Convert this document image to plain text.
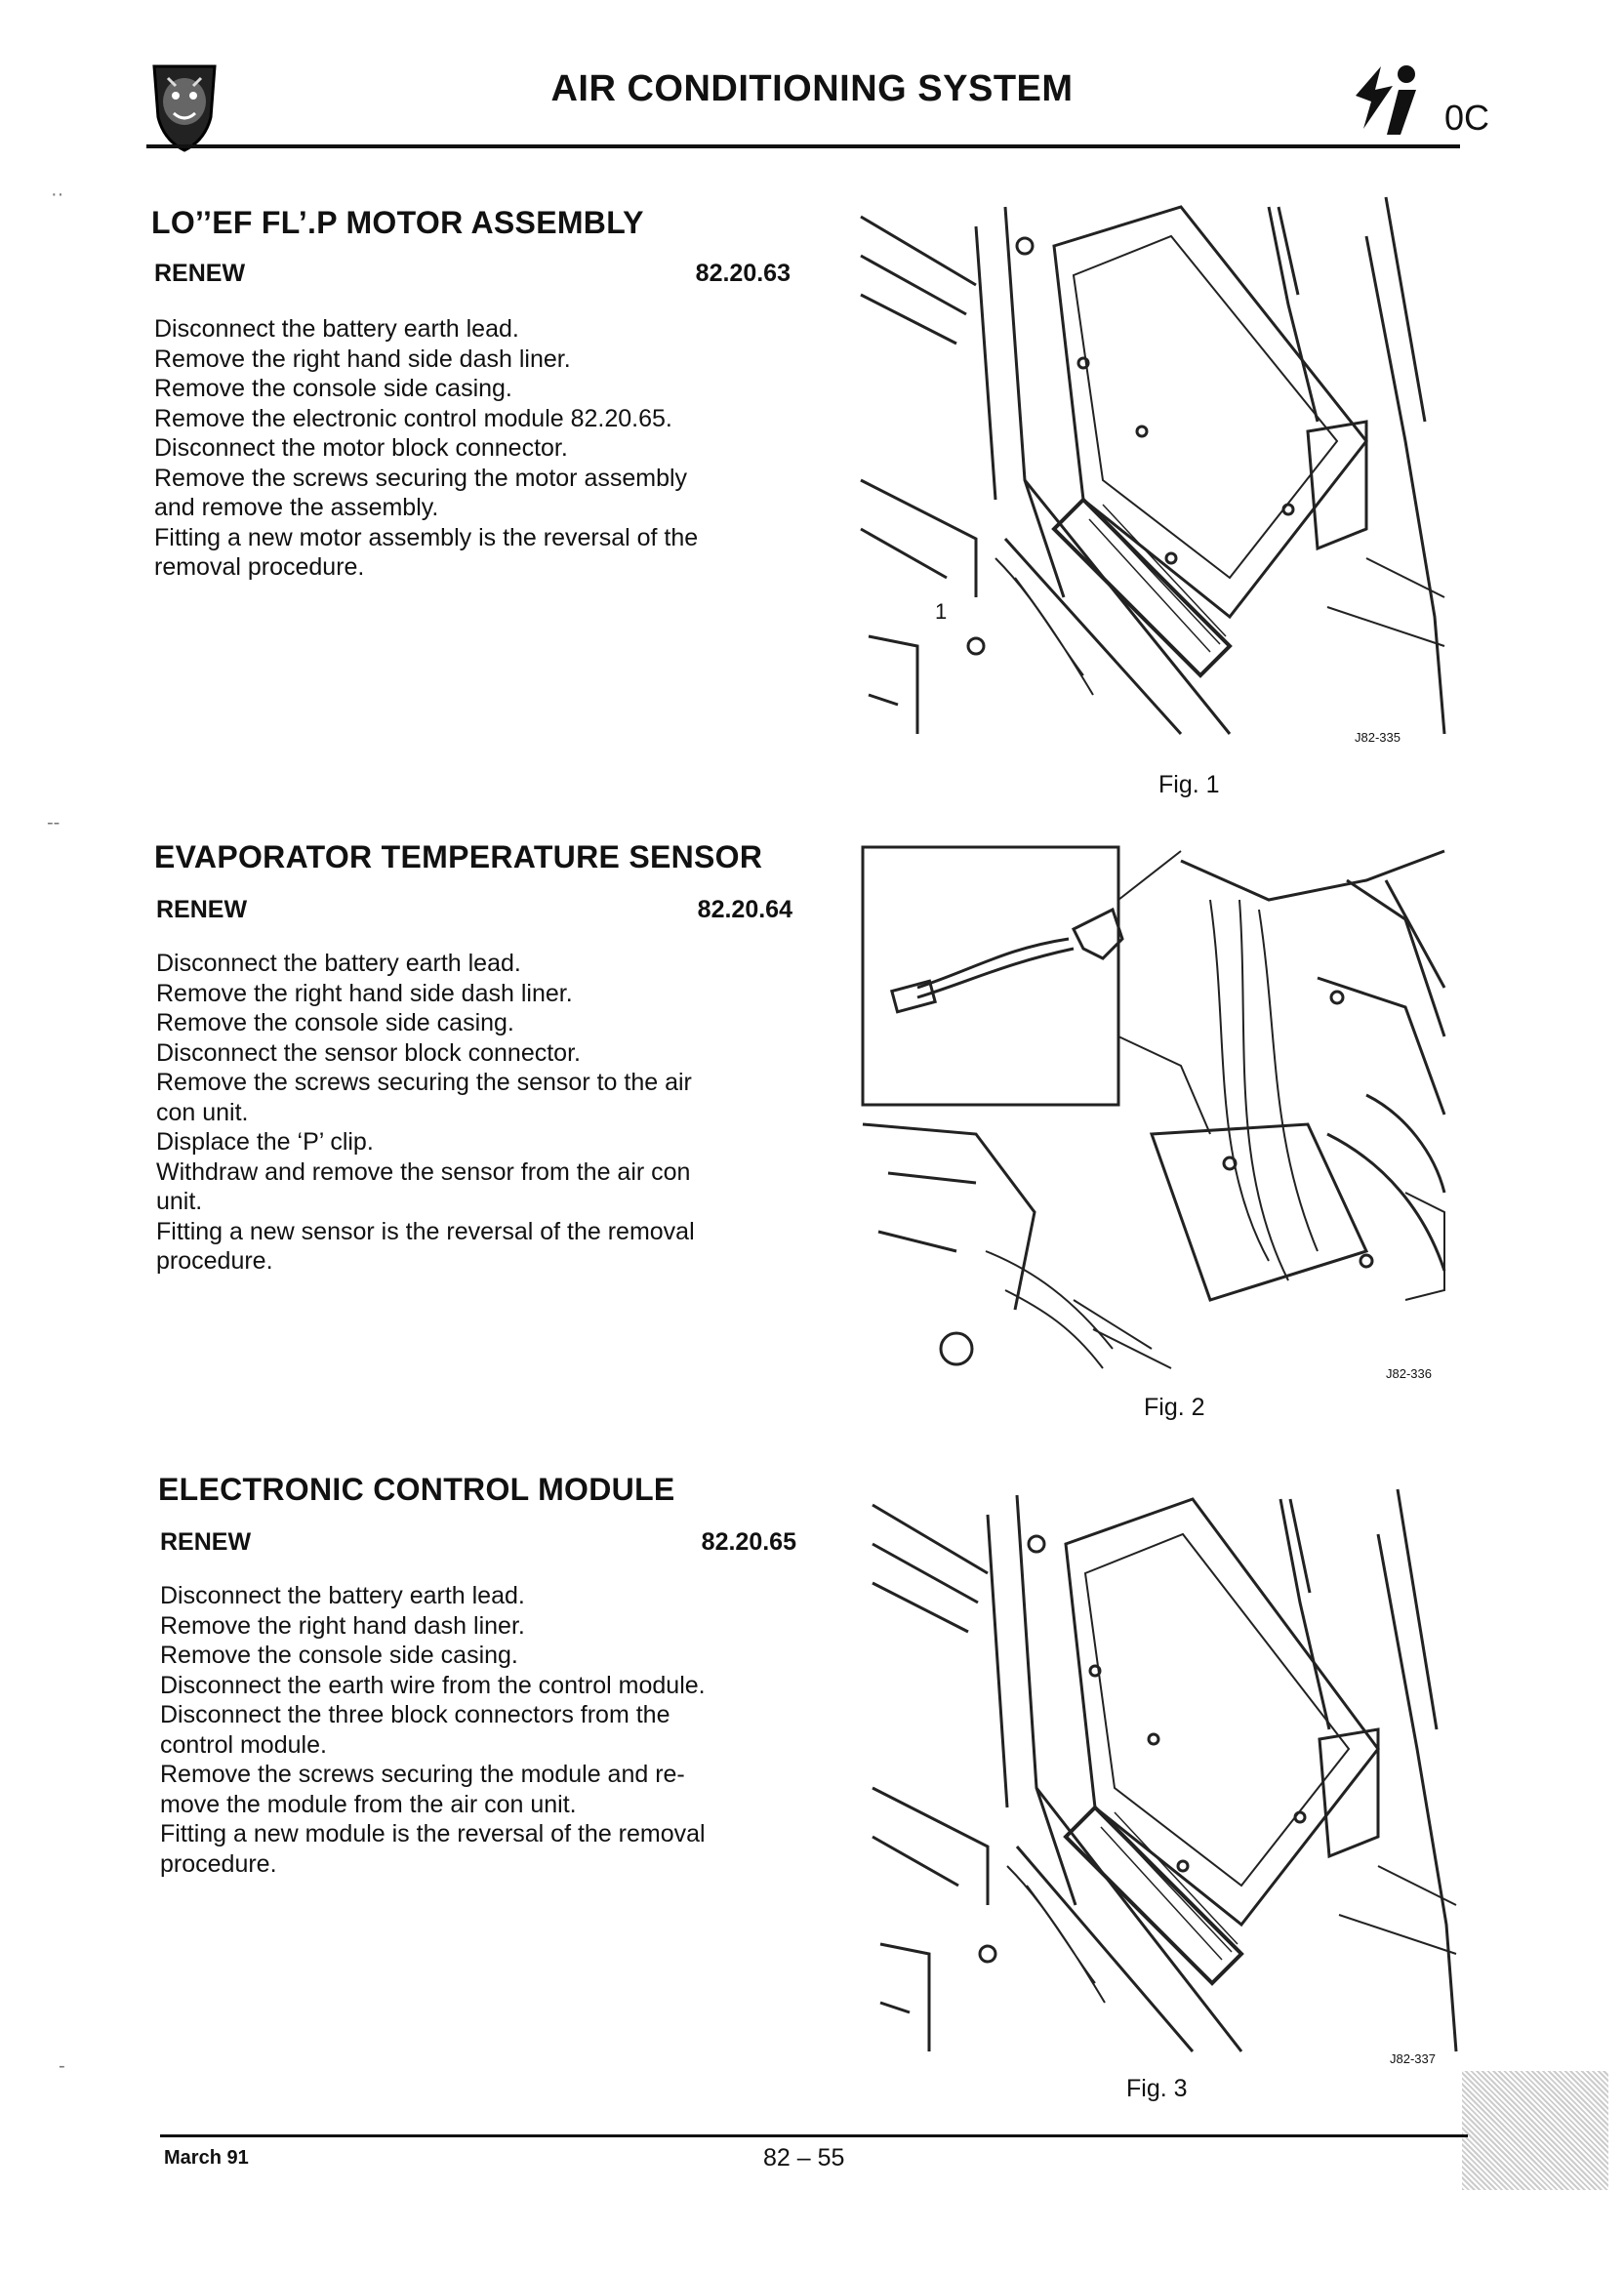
AIR CONDITIONING SYSTEM
0C
··
‑‑
‑
LO’’EF FL’.P MOTOR ASSEMBLY
RENEW	82.20.63
Disconnect the battery earth lead.
Remove the right hand side dash liner.
Remove the console side casing.
Remove the electronic control module 82.20.65.
Disconnect the motor block connector.
Remove the screws securing the motor assembly
and remove the assembly.
Fitting a new motor assembly is the reversal of the
removal procedure.
J82-335
1
Fig. 1
EVAPORATOR TEMPERATURE SENSOR
RENEW	82.20.64
Disconnect the battery earth lead.
Remove the right hand side dash liner.
Remove the console side casing.
Disconnect the sensor block connector.
Remove the screws securing the sensor to the air
con unit.
Displace the ‘P’ clip.
Withdraw and remove the sensor from the air con
unit.
Fitting a new sensor is the reversal of the removal
procedure.
J82-336
Fig. 2
ELECTRONIC CONTROL MODULE
RENEW	82.20.65
Disconnect the battery earth lead.
Remove the right hand dash liner.
Remove the console side casing.
Disconnect the earth wire from the control module.
Disconnect the three block connectors from the
control module.
Remove the screws securing the module and re-
move the module from the air con unit.
Fitting a new module is the reversal of the removal
procedure.
J82-337
Fig. 3
March 91	82 – 55
